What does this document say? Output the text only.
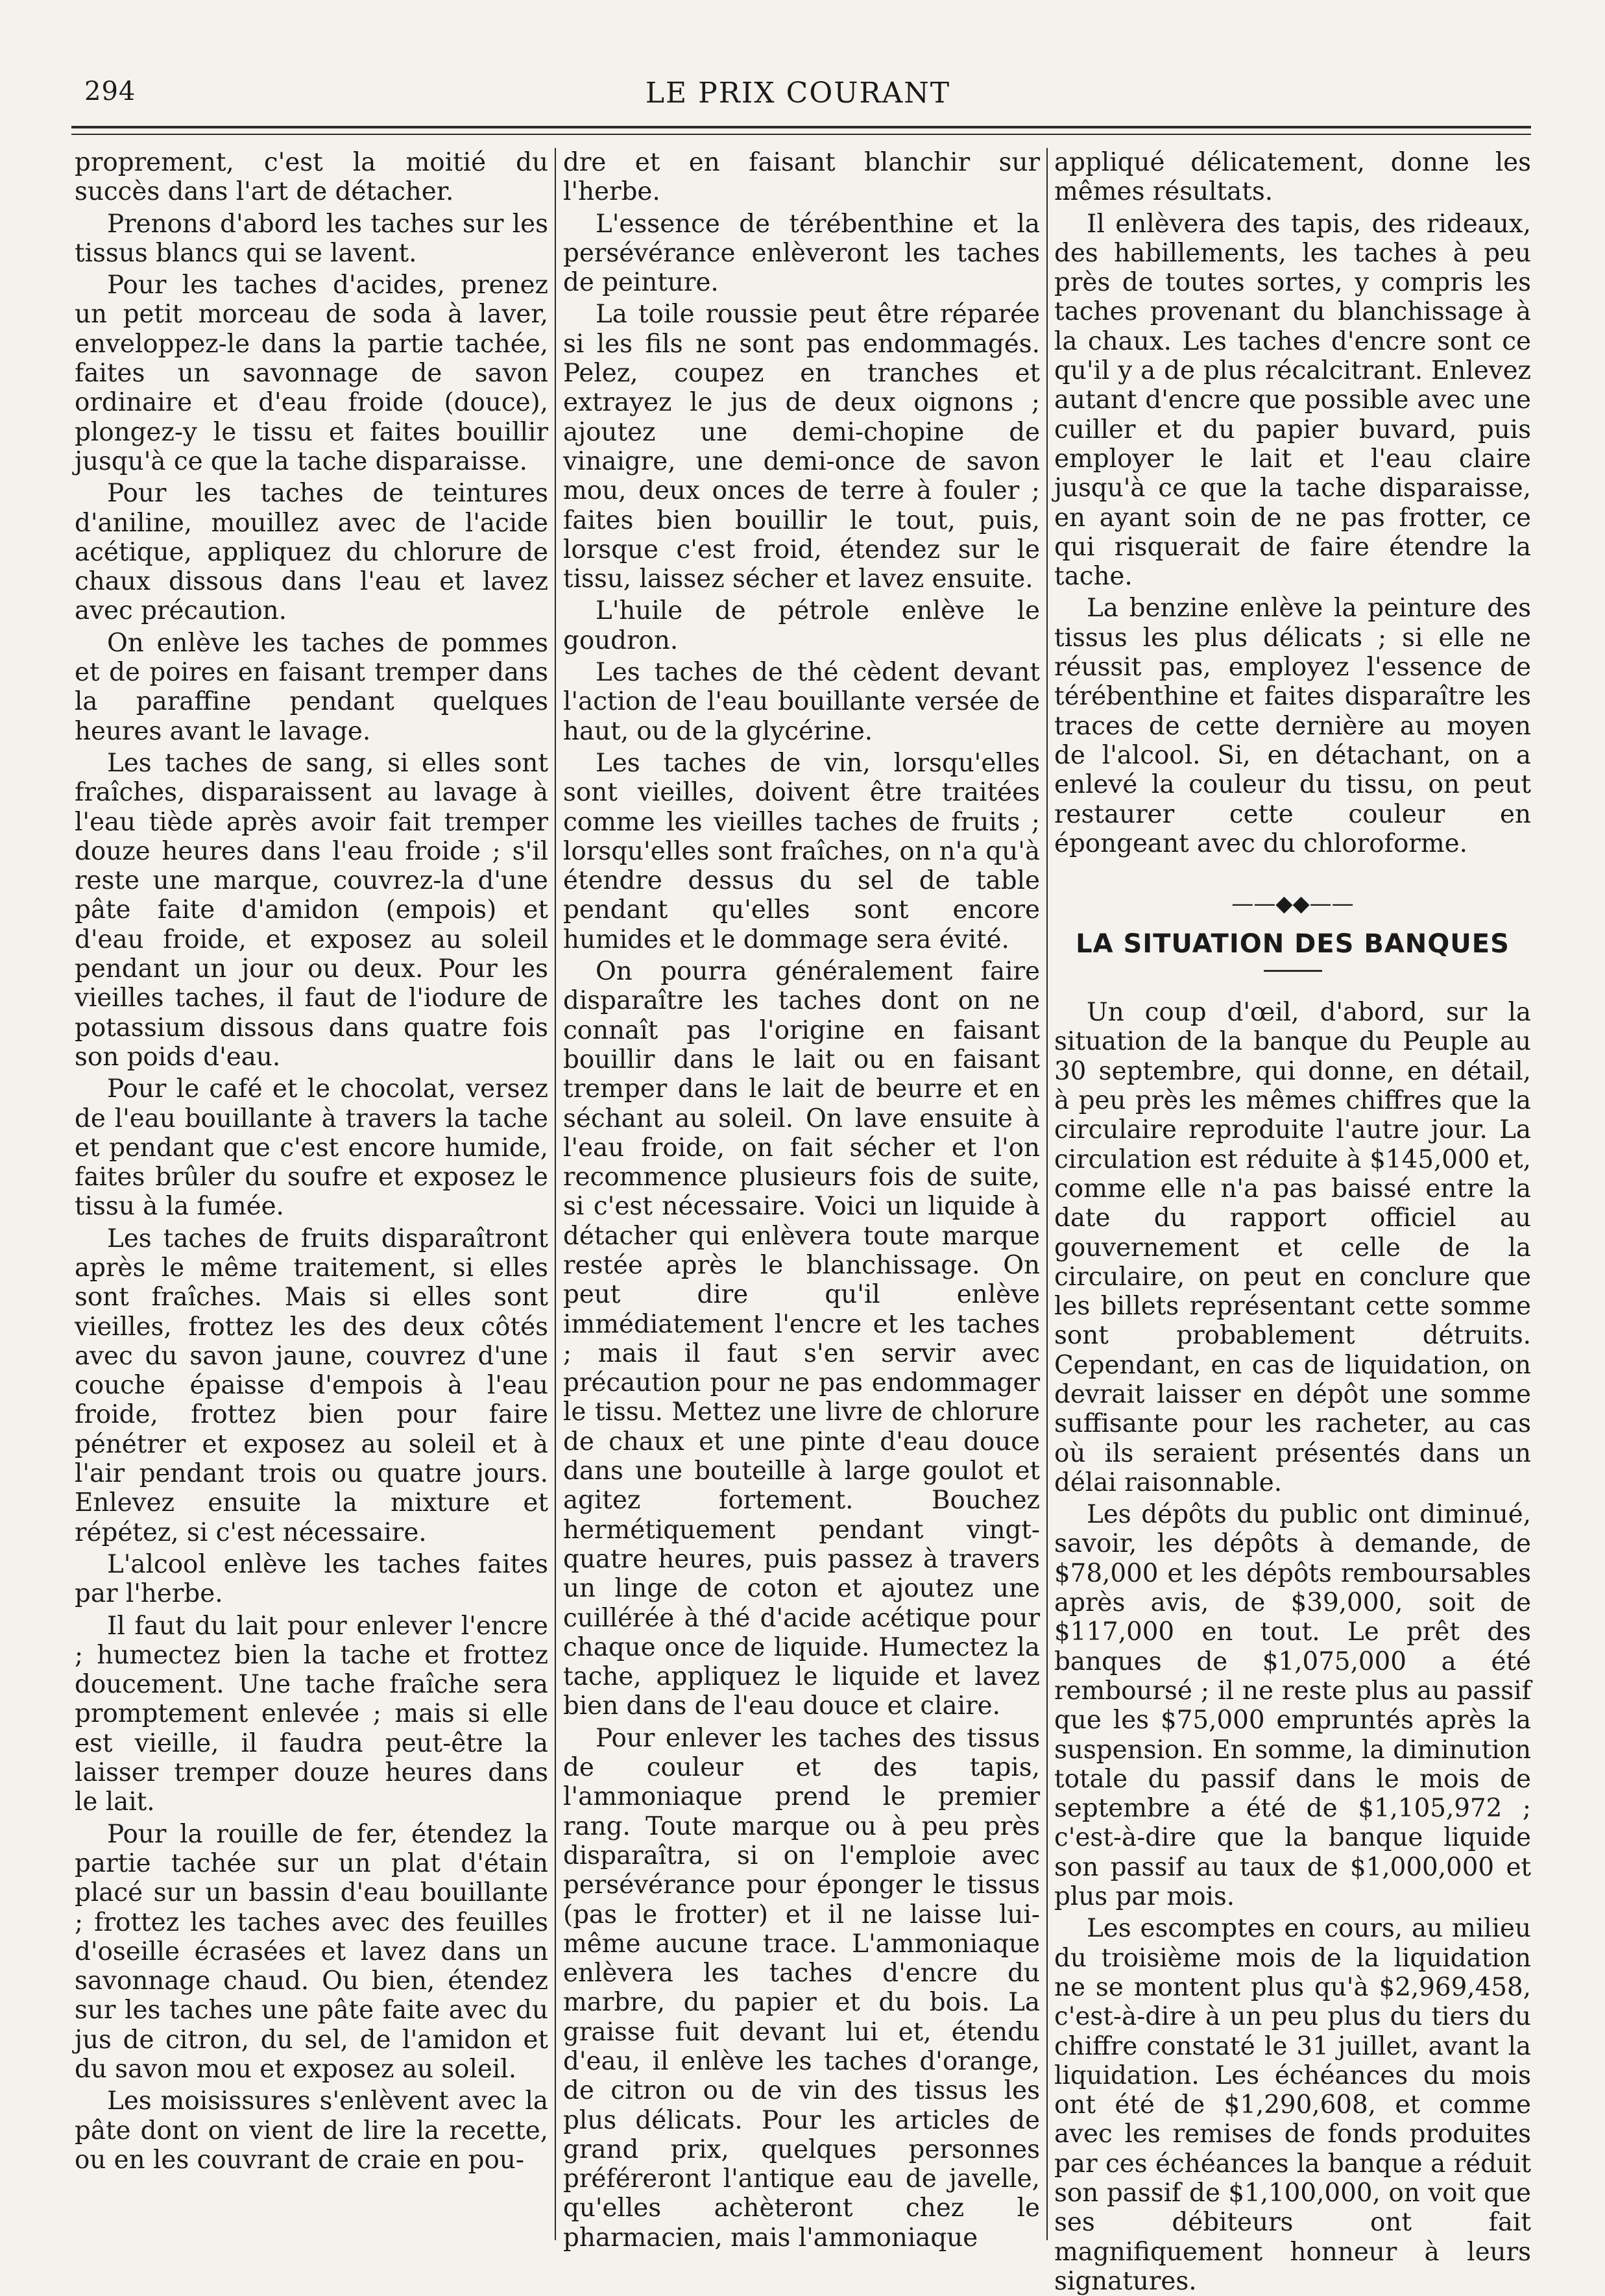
294	LE PRIX COURANT

proprement, c'est la moitié du succès dans l'art de détacher.

Prenons d'abord les taches sur les tissus blancs qui se lavent.

Pour les taches d'acides, prenez un petit morceau de soda à laver, enveloppez-le dans la partie tachée, faites un savonnage de savon ordinaire et d'eau froide (douce), plongez-y le tissu et faites bouillir jusqu'à ce que la tache disparaisse.

Pour les taches de teintures d'aniline, mouillez avec de l'acide acétique, appliquez du chlorure de chaux dissous dans l'eau et lavez avec précaution.

On enlève les taches de pommes et de poires en faisant tremper dans la paraffine pendant quelques heures avant le lavage.

Les taches de sang, si elles sont fraîches, disparaissent au lavage à l'eau tiède après avoir fait tremper douze heures dans l'eau froide ; s'il reste une marque, couvrez-la d'une pâte faite d'amidon (empois) et d'eau froide, et exposez au soleil pendant un jour ou deux. Pour les vieilles taches, il faut de l'iodure de potassium dissous dans quatre fois son poids d'eau.

Pour le café et le chocolat, versez de l'eau bouillante à travers la tache et pendant que c'est encore humide, faites brûler du soufre et exposez le tissu à la fumée.

Les taches de fruits disparaîtront après le même traitement, si elles sont fraîches. Mais si elles sont vieilles, frottez les des deux côtés avec du savon jaune, couvrez d'une couche épaisse d'empois à l'eau froide, frottez bien pour faire pénétrer et exposez au soleil et à l'air pendant trois ou quatre jours. Enlevez ensuite la mixture et répétez, si c'est nécessaire.

L'alcool enlève les taches faites par l'herbe.

Il faut du lait pour enlever l'encre ; humectez bien la tache et frottez doucement. Une tache fraîche sera promptement enlevée ; mais si elle est vieille, il faudra peut-être la laisser tremper douze heures dans le lait.

Pour la rouille de fer, étendez la partie tachée sur un plat d'étain placé sur un bassin d'eau bouillante ; frottez les taches avec des feuilles d'oseille écrasées et lavez dans un savonnage chaud. Ou bien, étendez sur les taches une pâte faite avec du jus de citron, du sel, de l'amidon et du savon mou et exposez au soleil.

Les moisissures s'enlèvent avec la pâte dont on vient de lire la recette, ou en les couvrant de craie en pou-

dre et en faisant blanchir sur l'herbe.

L'essence de térébenthine et la persévérance enlèveront les taches de peinture.

La toile roussie peut être réparée si les fils ne sont pas endommagés. Pelez, coupez en tranches et extrayez le jus de deux oignons ; ajoutez une demi-chopine de vinaigre, une demi-once de savon mou, deux onces de terre à fouler ; faites bien bouillir le tout, puis, lorsque c'est froid, étendez sur le tissu, laissez sécher et lavez ensuite.

L'huile de pétrole enlève le goudron.

Les taches de thé cèdent devant l'action de l'eau bouillante versée de haut, ou de la glycérine.

Les taches de vin, lorsqu'elles sont vieilles, doivent être traitées comme les vieilles taches de fruits ; lorsqu'elles sont fraîches, on n'a qu'à étendre dessus du sel de table pendant qu'elles sont encore humides et le dommage sera évité.

On pourra généralement faire disparaître les taches dont on ne connaît pas l'origine en faisant bouillir dans le lait ou en faisant tremper dans le lait de beurre et en séchant au soleil. On lave ensuite à l'eau froide, on fait sécher et l'on recommence plusieurs fois de suite, si c'est nécessaire. Voici un liquide à détacher qui enlèvera toute marque restée après le blanchissage. On peut dire qu'il enlève immédiatement l'encre et les taches ; mais il faut s'en servir avec précaution pour ne pas endommager le tissu. Mettez une livre de chlorure de chaux et une pinte d'eau douce dans une bouteille à large goulot et agitez fortement. Bouchez hermétiquement pendant vingt-quatre heures, puis passez à travers un linge de coton et ajoutez une cuillérée à thé d'acide acétique pour chaque once de liquide. Humectez la tache, appliquez le liquide et lavez bien dans de l'eau douce et claire.

Pour enlever les taches des tissus de couleur et des tapis, l'ammoniaque prend le premier rang. Toute marque ou à peu près disparaîtra, si on l'emploie avec persévérance pour éponger le tissus (pas le frotter) et il ne laisse lui-même aucune trace. L'ammoniaque enlèvera les taches d'encre du marbre, du papier et du bois. La graisse fuit devant lui et, étendu d'eau, il enlève les taches d'orange, de citron ou de vin des tissus les plus délicats. Pour les articles de grand prix, quelques personnes préféreront l'antique eau de javelle, qu'elles achèteront chez le pharmacien, mais l'ammoniaque

appliqué délicatement, donne les mêmes résultats.

Il enlèvera des tapis, des rideaux, des habillements, les taches à peu près de toutes sortes, y compris les taches provenant du blanchissage à la chaux. Les taches d'encre sont ce qu'il y a de plus récalcitrant. Enlevez autant d'encre que possible avec une cuiller et du papier buvard, puis employer le lait et l'eau claire jusqu'à ce que la tache disparaisse, en ayant soin de ne pas frotter, ce qui risquerait de faire étendre la tache.

La benzine enlève la peinture des tissus les plus délicats ; si elle ne réussit pas, employez l'essence de térébenthine et faites disparaître les traces de cette dernière au moyen de l'alcool. Si, en détachant, on a enlevé la couleur du tissu, on peut restaurer cette couleur en épongeant avec du chloroforme.

——◆◆——
LA SITUATION DES BANQUES

Un coup d'œil, d'abord, sur la situation de la banque du Peuple au 30 septembre, qui donne, en détail, à peu près les mêmes chiffres que la circulaire reproduite l'autre jour. La circulation est réduite à $145,000 et, comme elle n'a pas baissé entre la date du rapport officiel au gouvernement et celle de la circulaire, on peut en conclure que les billets représentant cette somme sont probablement détruits. Cependant, en cas de liquidation, on devrait laisser en dépôt une somme suffisante pour les racheter, au cas où ils seraient présentés dans un délai raisonnable.

Les dépôts du public ont diminué, savoir, les dépôts à demande, de $78,000 et les dépôts remboursables après avis, de $39,000, soit de $117,000 en tout. Le prêt des banques de $1,075,000 a été remboursé ; il ne reste plus au passif que les $75,000 empruntés après la suspension. En somme, la diminution totale du passif dans le mois de septembre a été de $1,105,972 ; c'est-à-dire que la banque liquide son passif au taux de $1,000,000 et plus par mois.

Les escomptes en cours, au milieu du troisième mois de la liquidation ne se montent plus qu'à $2,969,458, c'est-à-dire à un peu plus du tiers du chiffre constaté le 31 juillet, avant la liquidation. Les échéances du mois ont été de $1,290,608, et comme avec les remises de fonds produites par ces échéances la banque a réduit son passif de $1,100,000, on voit que ses débiteurs ont fait magnifiquement honneur à leurs signatures.
